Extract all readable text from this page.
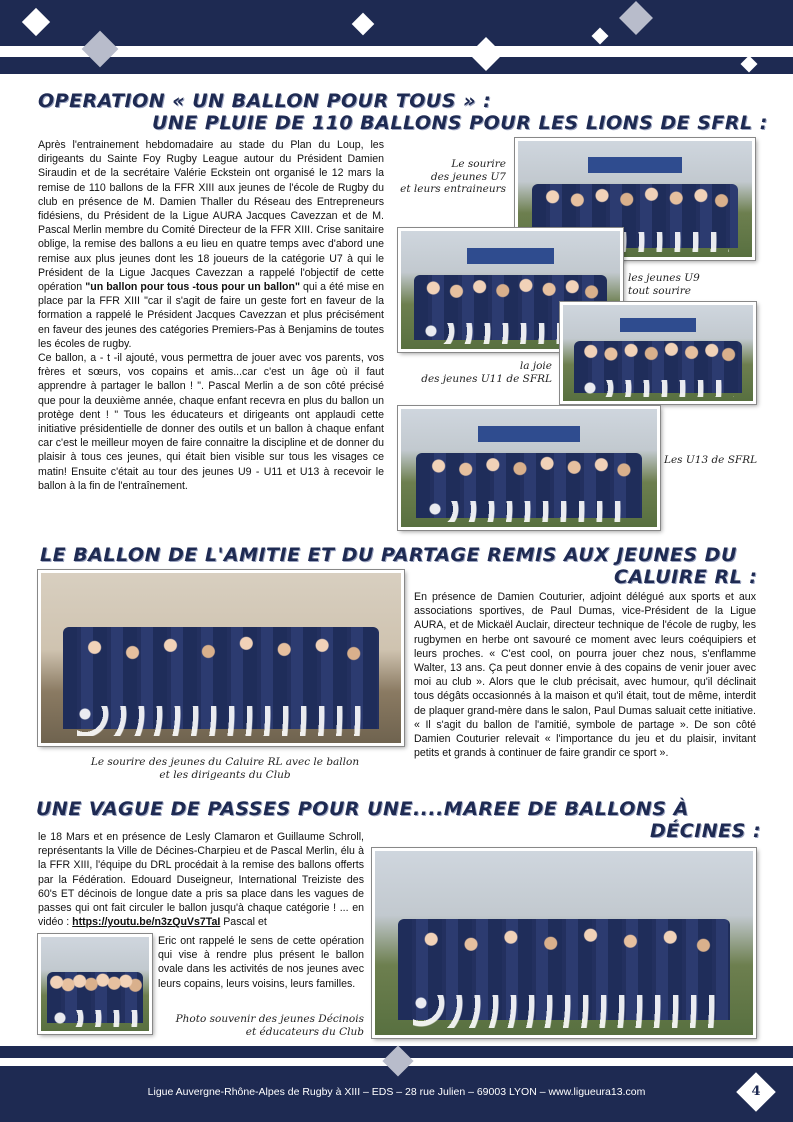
OPERATION « UN BALLON POUR TOUS » :
UNE PLUIE DE 110 BALLONS POUR LES LIONS DE SFRL :
Après l'entrainement hebdomadaire au stade du Plan du Loup, les dirigeants du Sainte Foy Rugby League autour du Président Damien Siraudin et de la secrétaire Valérie Eckstein ont organisé le 12 mars la remise de 110 ballons de la FFR XIII aux jeunes de l'école de Rugby du club en présence de M. Damien Thaller du Réseau des Entrepreneurs fidésiens, du Président de la Ligue AURA Jacques Cavezzan et de M. Pascal Merlin membre du Comité Directeur de la FFR XIII. Crise sanitaire oblige, la remise des ballons a eu lieu en quatre temps avec d'abord une remise aux plus jeunes dont les 18 joueurs de la catégorie U7 à qui le Président de la Ligue Jacques Cavezzan a rappelé l'objectif de cette opération "un ballon pour tous -tous pour un ballon" qui a été mise en place par la FFR XIII "car il s'agit de faire un geste fort en faveur de la formation a rappelé le Président Jacques Cavezzan et plus précisément en faveur des jeunes des catégories Premiers-Pas à Benjamins de toutes les écoles de rugby.
Ce ballon, a - t -il ajouté, vous permettra de jouer avec vos parents, vos frères et sœurs, vos copains et amis...car c'est un âge où il faut apprendre à partager le ballon ! ". Pascal Merlin a de son côté précisé que pour la deuxième année, chaque enfant recevra en plus du ballon un protège dent ! " Tous les éducateurs et dirigeants ont applaudi cette initiative présidentielle de donner des outils et un ballon à chaque enfant car c'est le meilleur moyen de faire connaitre la discipline et de donner du plaisir à tous ces jeunes, qui était bien visible sur tous les visages ce matin! Ensuite c'était au tour des jeunes U9 - U11 et U13 à recevoir le ballon à la fin de l'entraînement.
Le sourire
des jeunes U7
et leurs entraineurs
les jeunes U9
tout sourire
la joie
des jeunes U11 de SFRL
Les U13 de SFRL
LE BALLON DE L'AMITIE ET DU PARTAGE REMIS AUX JEUNES DU
CALUIRE RL :
Le sourire des jeunes du Caluire RL avec le ballon
et les dirigeants du Club
En présence de Damien Couturier, adjoint délégué aux sports et aux associations sportives, de Paul Dumas, vice-Président de la Ligue AURA, et de Mickaël Auclair, directeur technique de l'école de rugby, les rugbymen en herbe ont savouré ce moment avec leurs coéquipiers et leurs proches. « C'est cool, on pourra jouer chez nous, s'enflamme Walter, 13 ans. Ça peut donner envie à des copains de venir jouer avec moi au club ». Alors que le club précisait, avec humour, qu'il déclinait tous dégâts occasionnés à la maison et qu'il était, tout de même, interdit de plaquer grand-mère dans le salon, Paul Dumas saluait cette initiative. « Il s'agit du ballon de l'amitié, symbole de partage ». De son côté Damien Couturier relevait « l'importance du jeu et du plaisir, invitant petits et grands à continuer de faire grandir ce sport ».
UNE VAGUE DE PASSES POUR UNE....MAREE DE BALLONS À
DÉCINES :
le 18 Mars et en présence de Lesly Clamaron et Guillaume Schroll, représentants la Ville de Décines-Charpieu et de Pascal Merlin, élu à la FFR XIII, l'équipe du DRL procédait à la remise des ballons offerts par la Fédération. Edouard Duseigneur, International Treiziste des 60's ET décinois de longue date a pris sa place dans les vagues de passes qui ont fait circuler le ballon jusqu'à chaque catégorie ! ... en vidéo : https://youtu.be/n3zQuVs7TaI Pascal et
Eric ont rappelé le sens de cette opération qui vise à rendre plus présent le ballon ovale dans les activités de nos jeunes avec leurs copains, leurs voisins, leurs familles.
Photo souvenir des jeunes Décinois
et éducateurs du Club
Ligue Auvergne-Rhône-Alpes de Rugby à XIII – EDS – 28 rue Julien – 69003 LYON – www.ligueura13.com	4
